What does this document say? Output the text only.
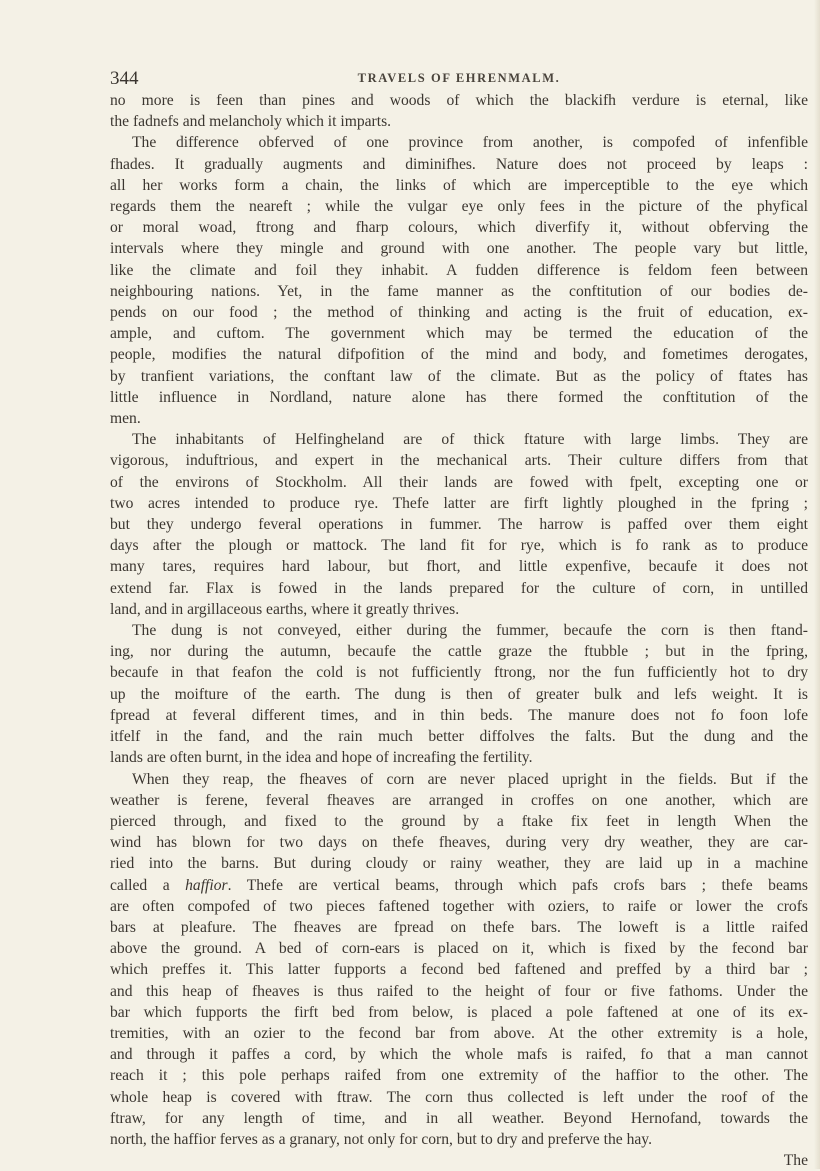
344	TRAVELS OF EHRENMALM.
no more is feen than pines and woods of which the blackifh verdure is eternal, like
the fadnefs and melancholy which it imparts.
The difference obferved of one province from another, is compofed of infenfible
fhades. It gradually augments and diminifhes. Nature does not proceed by leaps :
all her works form a chain, the links of which are imperceptible to the eye which
regards them the neareft ; while the vulgar eye only fees in the picture of the phyfical
or moral woad, ftrong and fharp colours, which diverfify it, without obferving the
intervals where they mingle and ground with one another. The people vary but little,
like the climate and foil they inhabit. A fudden difference is feldom feen between
neighbouring nations. Yet, in the fame manner as the conftitution of our bodies de-
pends on our food ; the method of thinking and acting is the fruit of education, ex-
ample, and cuftom. The government which may be termed the education of the
people, modifies the natural difpofition of the mind and body, and fometimes derogates,
by tranfient variations, the conftant law of the climate. But as the policy of ftates has
little influence in Nordland, nature alone has there formed the conftitution of the
men.
The inhabitants of Helfingheland are of thick ftature with large limbs. They are
vigorous, induftrious, and expert in the mechanical arts. Their culture differs from that
of the environs of Stockholm. All their lands are fowed with fpelt, excepting one or
two acres intended to produce rye. Thefe latter are firft lightly ploughed in the fpring ;
but they undergo feveral operations in fummer. The harrow is paffed over them eight
days after the plough or mattock. The land fit for rye, which is fo rank as to produce
many tares, requires hard labour, but fhort, and little expenfive, becaufe it does not
extend far. Flax is fowed in the lands prepared for the culture of corn, in untilled
land, and in argillaceous earths, where it greatly thrives.
The dung is not conveyed, either during the fummer, becaufe the corn is then ftand-
ing, nor during the autumn, becaufe the cattle graze the ftubble ; but in the fpring,
becaufe in that feafon the cold is not fufficiently ftrong, nor the fun fufficiently hot to dry
up the moifture of the earth. The dung is then of greater bulk and lefs weight. It is
fpread at feveral different times, and in thin beds. The manure does not fo foon lofe
itfelf in the fand, and the rain much better diffolves the falts. But the dung and the
lands are often burnt, in the idea and hope of increafing the fertility.
When they reap, the fheaves of corn are never placed upright in the fields. But if the
weather is ferene, feveral fheaves are arranged in croffes on one another, which are
pierced through, and fixed to the ground by a ftake fix feet in length When the
wind has blown for two days on thefe fheaves, during very dry weather, they are car-
ried into the barns. But during cloudy or rainy weather, they are laid up in a machine
called a haffior. Thefe are vertical beams, through which pafs crofs bars ; thefe beams
are often compofed of two pieces faftened together with oziers, to raife or lower the crofs
bars at pleafure. The fheaves are fpread on thefe bars. The loweft is a little raifed
above the ground. A bed of corn-ears is placed on it, which is fixed by the fecond bar
which preffes it. This latter fupports a fecond bed faftened and preffed by a third bar ;
and this heap of fheaves is thus raifed to the height of four or five fathoms. Under the
bar which fupports the firft bed from below, is placed a pole faftened at one of its ex-
tremities, with an ozier to the fecond bar from above. At the other extremity is a hole,
and through it paffes a cord, by which the whole mafs is raifed, fo that a man cannot
reach it ; this pole perhaps raifed from one extremity of the haffior to the other. The
whole heap is covered with ftraw. The corn thus collected is left under the roof of the
ftraw, for any length of time, and in all weather. Beyond Hernofand, towards the
north, the haffior ferves as a granary, not only for corn, but to dry and preferve the hay.
The
